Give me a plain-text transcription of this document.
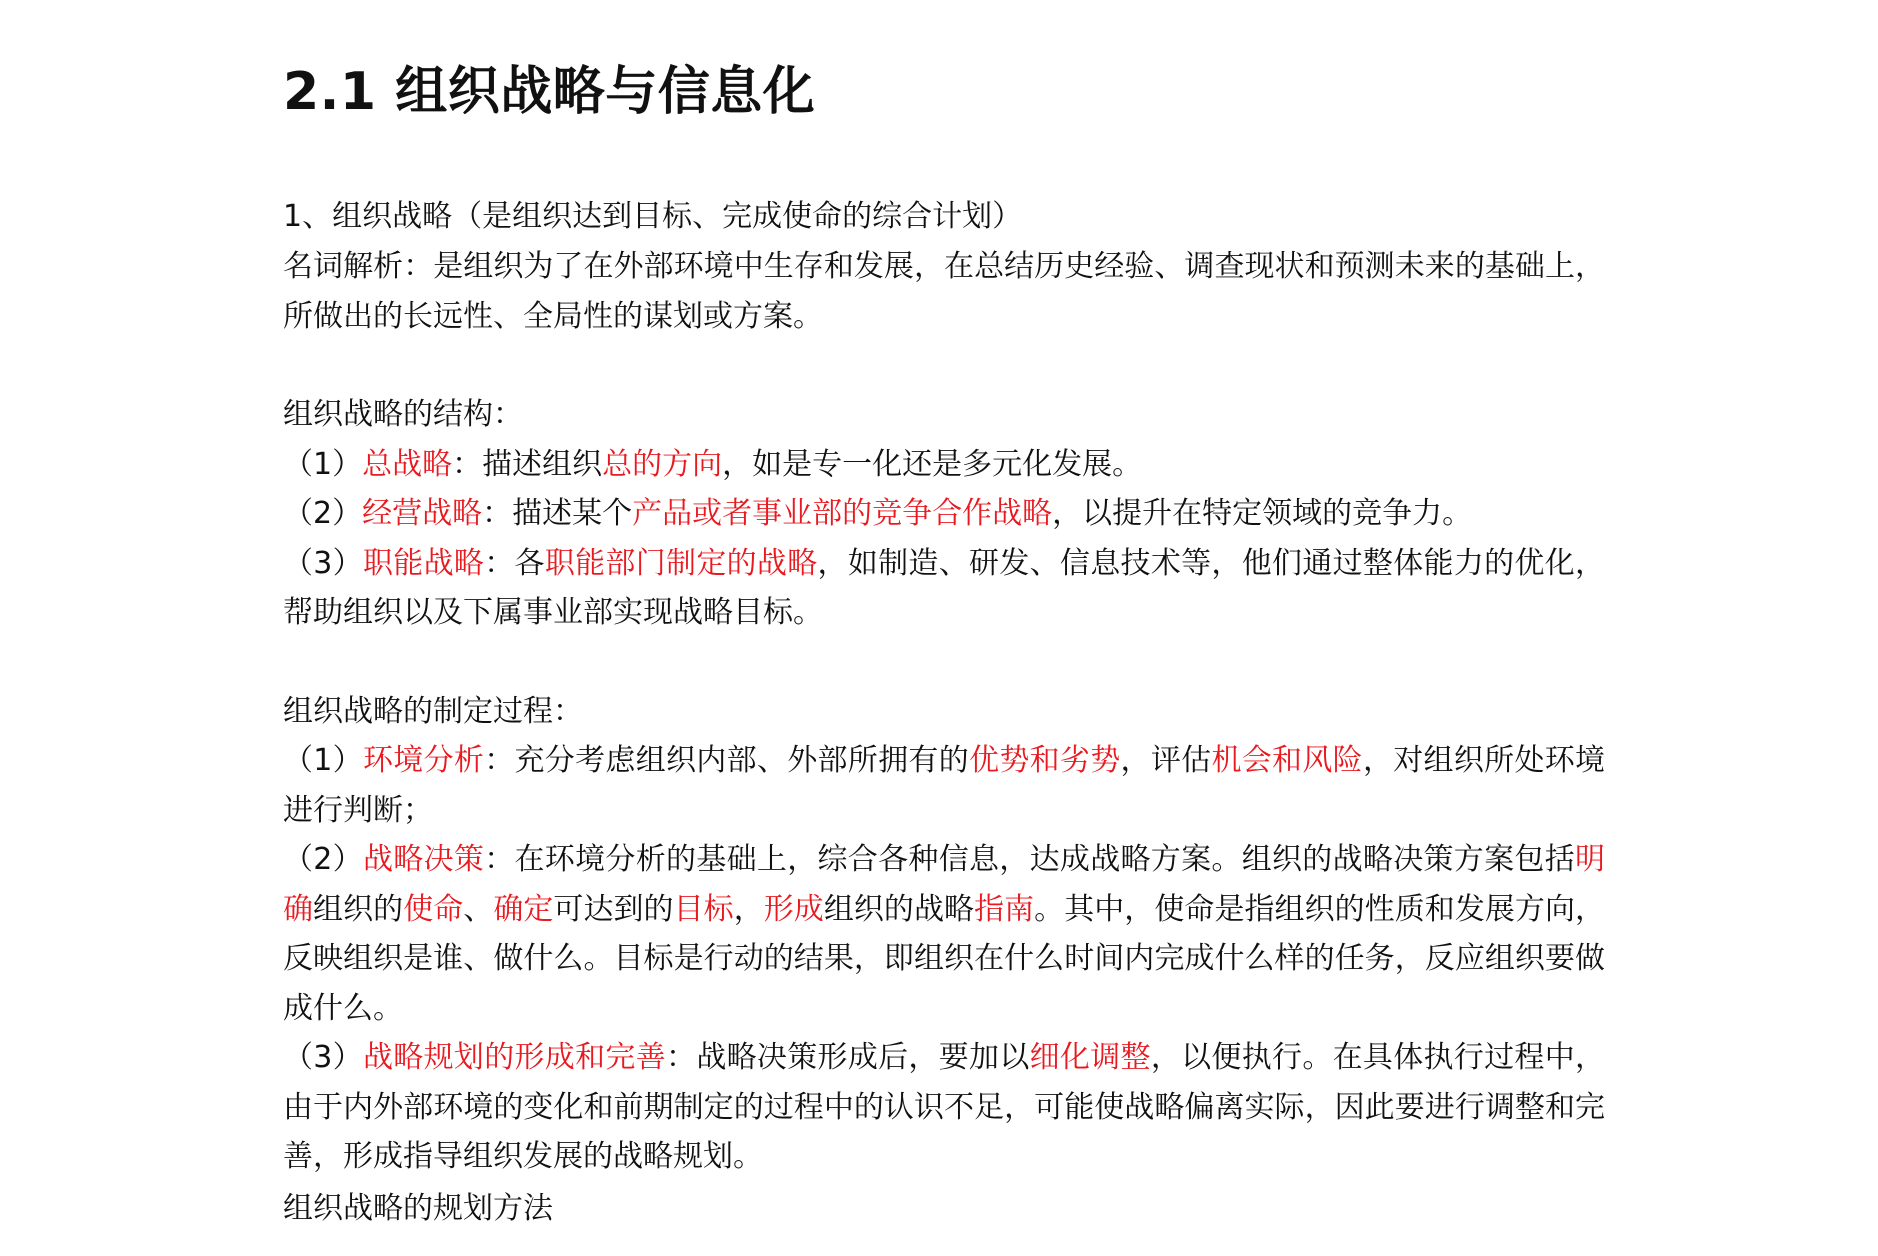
2.1 组织战略与信息化
1、组织战略（是组织达到目标、完成使命的综合计划）

名词解析：是组织为了在外部环境中生存和发展，在总结历史经验、调查现状和预测未来的基础上，所做出的长远性、全局性的谋划或方案。

组织战略的结构：

（1）总战略：描述组织总的方向，如是专一化还是多元化发展。

（2）经营战略：描述某个产品或者事业部的竞争合作战略，以提升在特定领域的竞争力。

（3）职能战略：各职能部门制定的战略，如制造、研发、信息技术等，他们通过整体能力的优化，帮助组织以及下属事业部实现战略目标。

组织战略的制定过程：

（1）环境分析：充分考虑组织内部、外部所拥有的优势和劣势，评估机会和风险，对组织所处环境进行判断；

（2）战略决策：在环境分析的基础上，综合各种信息，达成战略方案。组织的战略决策方案包括明确组织的使命、确定可达到的目标，形成组织的战略指南。其中，使命是指组织的性质和发展方向，反映组织是谁、做什么。目标是行动的结果，即组织在什么时间内完成什么样的任务，反应组织要做成什么。

（3）战略规划的形成和完善：战略决策形成后，要加以细化调整，以便执行。在具体执行过程中，由于内外部环境的变化和前期制定的过程中的认识不足，可能使战略偏离实际，因此要进行调整和完善，形成指导组织发展的战略规划。

组织战略的规划方法
